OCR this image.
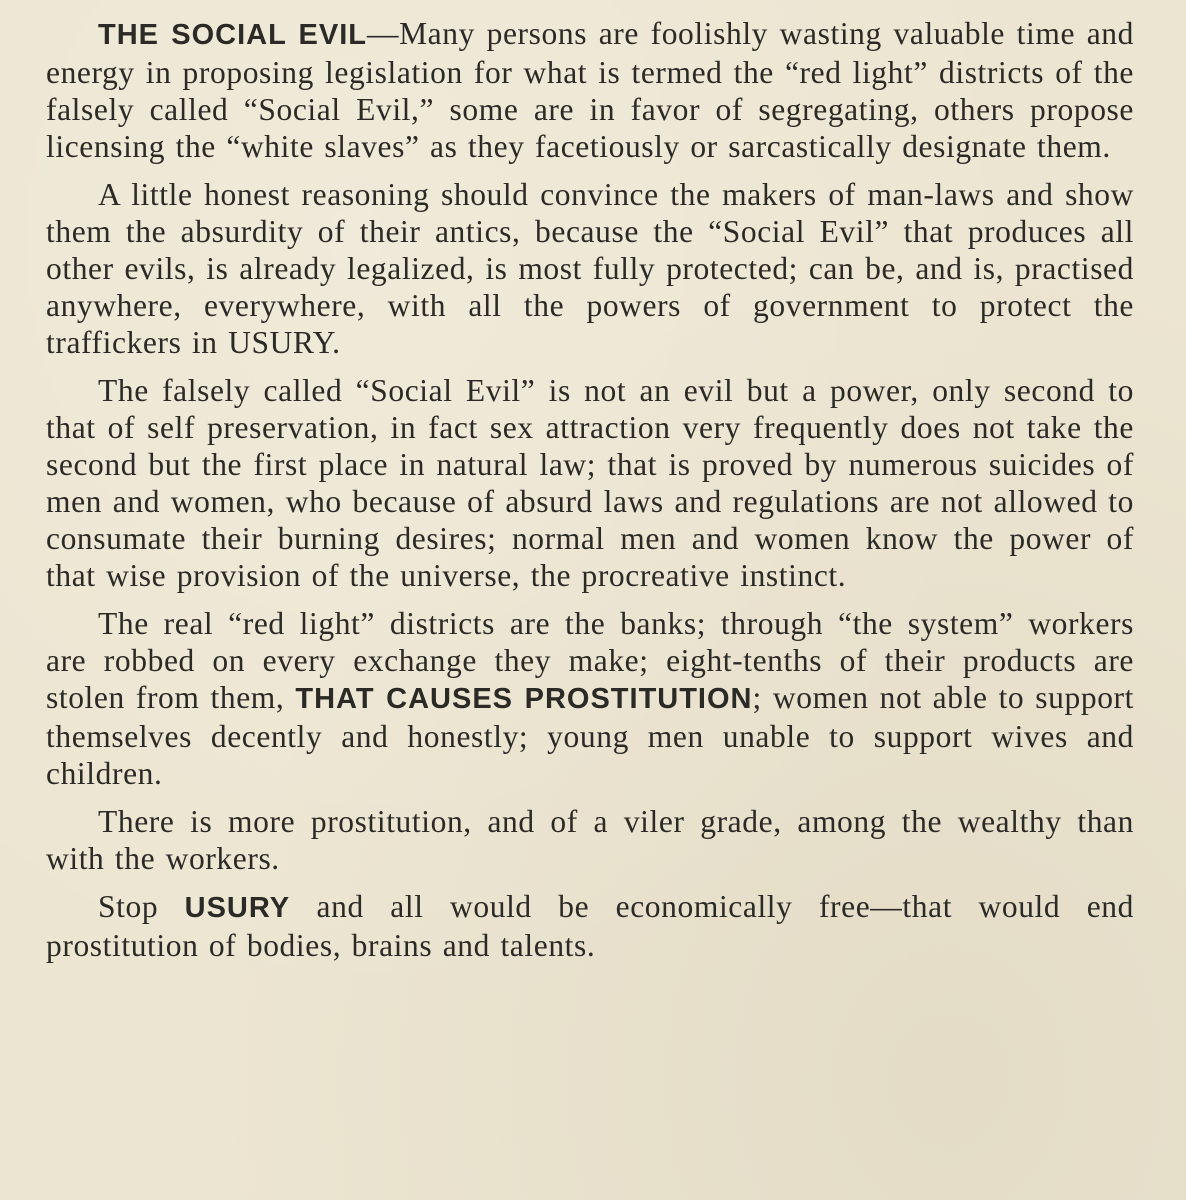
THE SOCIAL EVIL—Many persons are foolishly wasting valuable time and energy in proposing legislation for what is termed the “red light” districts of the falsely called “Social Evil,” some are in favor of segregating, others propose licensing the “white slaves” as they facetiously or sarcastically designate them.

A little honest reasoning should convince the makers of man-laws and show them the absurdity of their antics, because the “Social Evil” that produces all other evils, is already legalized, is most fully protected; can be, and is, practised anywhere, everywhere, with all the powers of government to protect the traffickers in USURY.

The falsely called “Social Evil” is not an evil but a power, only second to that of self preservation, in fact sex attraction very frequently does not take the second but the first place in natural law; that is proved by numerous suicides of men and women, who because of absurd laws and regulations are not allowed to consumate their burning desires; normal men and women know the power of that wise provision of the universe, the procreative instinct.

The real “red light” districts are the banks; through “the system” workers are robbed on every exchange they make; eight-tenths of their products are stolen from them, THAT CAUSES PROSTITUTION; women not able to support themselves decently and honestly; young men unable to support wives and children.

There is more prostitution, and of a viler grade, among the wealthy than with the workers.

Stop USURY and all would be economically free—that would end prostitution of bodies, brains and talents.
